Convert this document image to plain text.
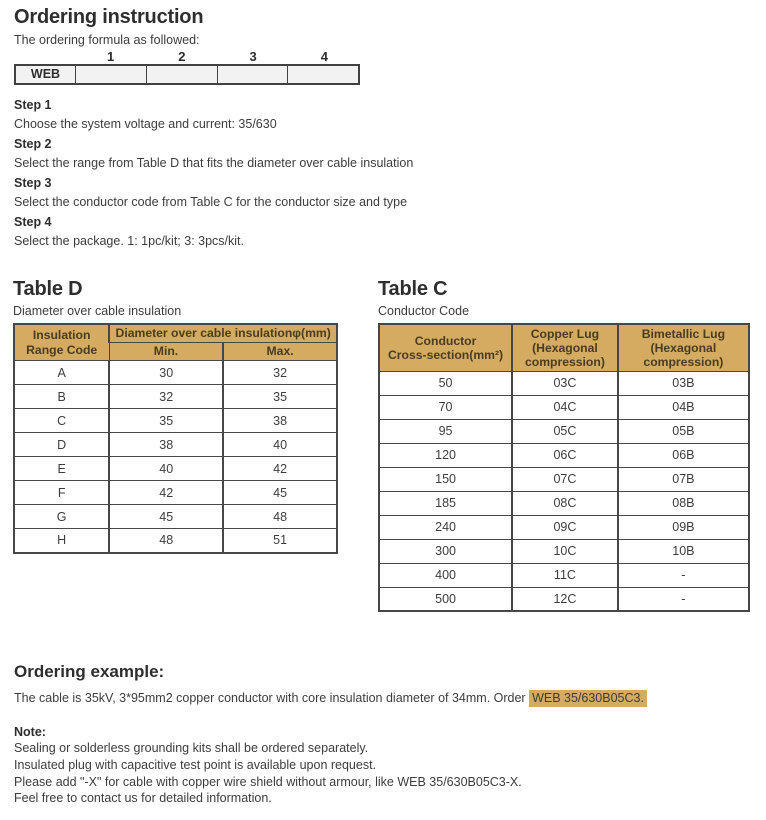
Ordering instruction
The ordering formula as followed:
1	2	3	4
WEB
Step 1
Choose the system voltage and current: 35/630
Step 2
Select the range from Table D that fits the diameter over cable insulation
Step 3
Select the conductor code from Table C for the conductor size and type
Step 4
Select the package. 1: 1pc/kit; 3: 3pcs/kit.
Table D
Diameter over cable insulation
Insulation
Range Code	Diameter over cable insulationφ(mm)	
	Min.	Max.
A	30	32
B	32	35
C	35	38
D	38	40
E	40	42
F	42	45
G	45	48
H	48	51
Table C
Conductor Code
Conductor
Cross-section(mm²)

Copper Lug
(Hexagonal
compression)

Bimetallic Lug
(Hexagonal
compression)

50	03C	03B
70	04C	04B
95	05C	05B
120	06C	06B
150	07C	07B
185	08C	08B
240	09C	09B
300	10C	10B
400	11C	-
500	12C	-
Ordering example:
The cable is 35kV, 3*95mm2 copper conductor with core insulation diameter of 34mm. Order WEB 35/630B05C3.
Note:
Sealing or solderless grounding kits shall be ordered separately.
Insulated plug with capacitive test point is available upon request.
Please add "-X" for cable with copper wire shield without armour, like WEB 35/630B05C3-X.
Feel free to contact us for detailed information.
